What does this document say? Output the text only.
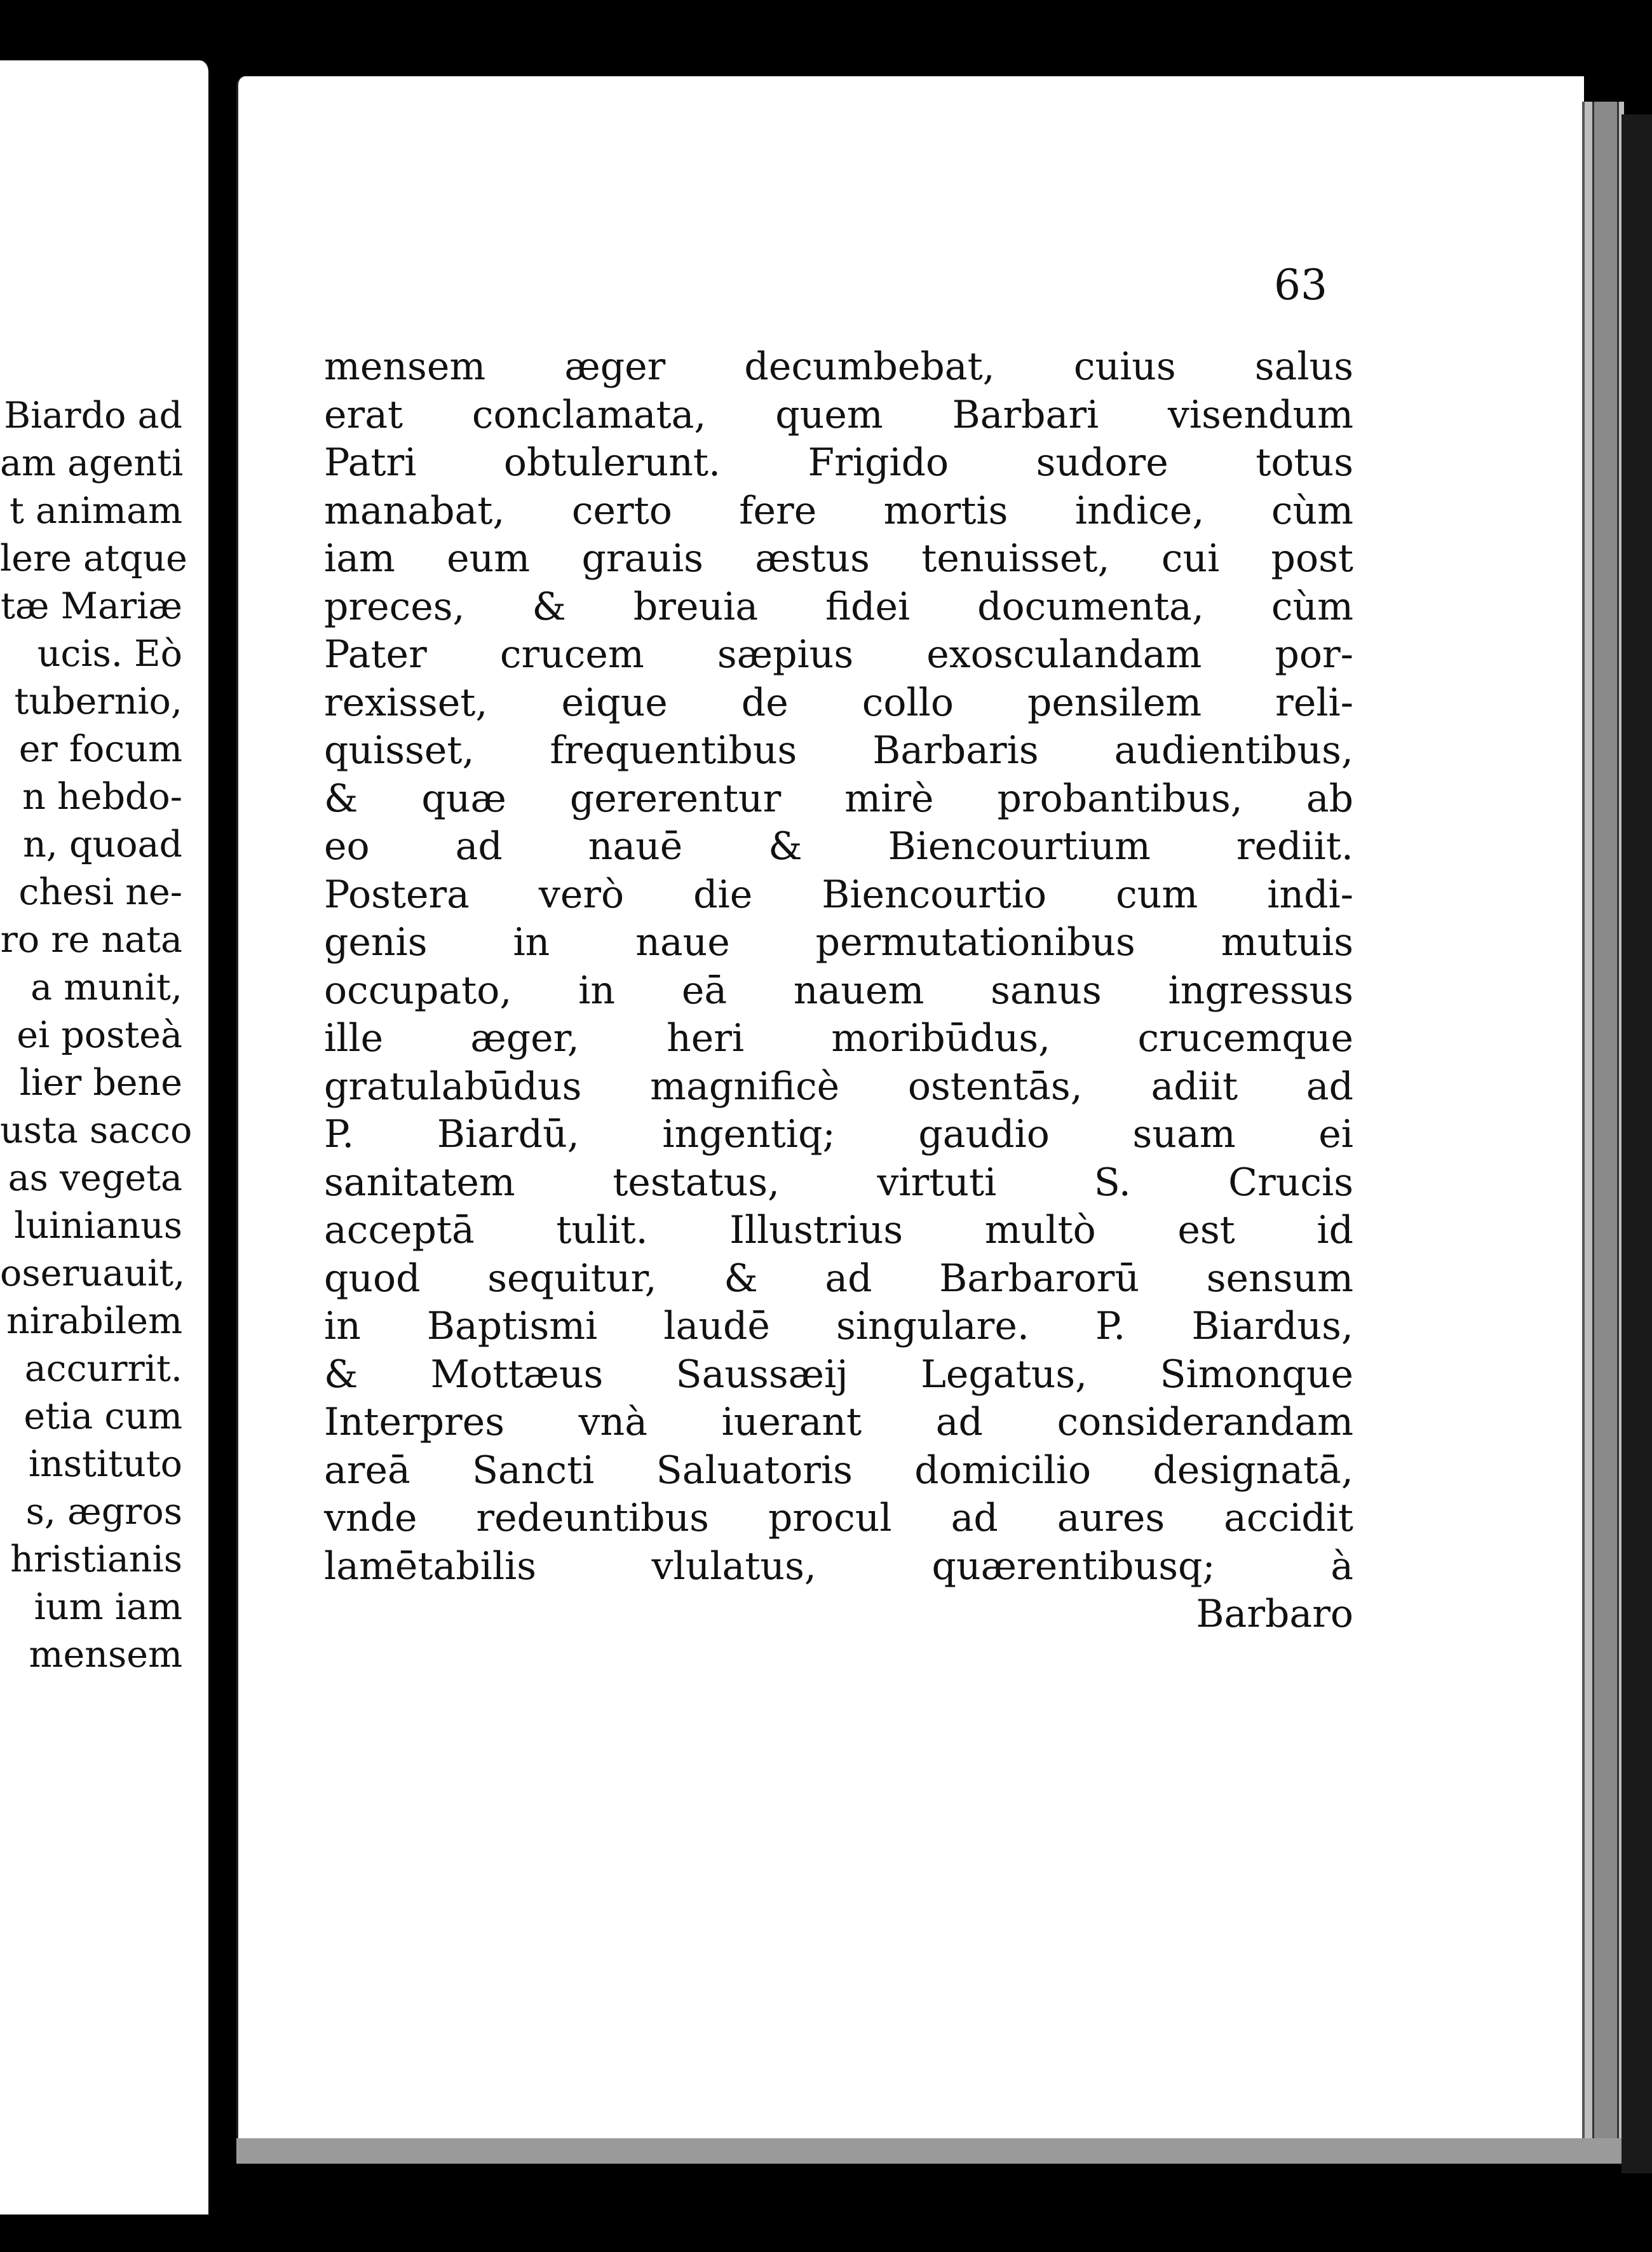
Biardo ad
am agenti
t animam
lere atque
tæ Mariæ
ucis. Eò
tubernio,
er focum
n hebdo-
n, quoad
chesi ne-
ro re nata
a munit,
ei posteà
lier bene
usta sacco
as vegeta
luinianus
oseruauit,
nirabilem
accurrit.
etia cum
instituto
s, ægros
hristianis
ium iam
mensem
63
mensem æger decumbebat, cuius salus
erat conclamata, quem Barbari visendum
Patri obtulerunt. Frigido sudore totus
manabat, certo fere mortis indice, cùm
iam eum grauis æstus tenuisset, cui post
preces, & breuia fidei documenta, cùm
Pater crucem sæpius exosculandam por-
rexisset, eique de collo pensilem reli-
quisset, frequentibus Barbaris audientibus,
& quæ gererentur mirè probantibus, ab
eo ad nauē & Biencourtium rediit.
Postera verò die Biencourtio cum indi-
genis in naue permutationibus mutuis
occupato, in eā nauem sanus ingressus
ille æger, heri moribūdus, crucemque
gratulabūdus magnificè ostentās, adiit ad
P. Biardū, ingentiq; gaudio suam ei
sanitatem testatus, virtuti S. Crucis
acceptā tulit. Illustrius multò est id
quod sequitur, & ad Barbarorū sensum
in Baptismi laudē singulare. P. Biardus,
& Mottæus Saussæij Legatus, Simonque
Interpres vnà iuerant ad considerandam
areā Sancti Saluatoris domicilio designatā,
vnde redeuntibus procul ad aures accidit
lamētabilis vlulatus, quærentibusq; à
Barbaro
